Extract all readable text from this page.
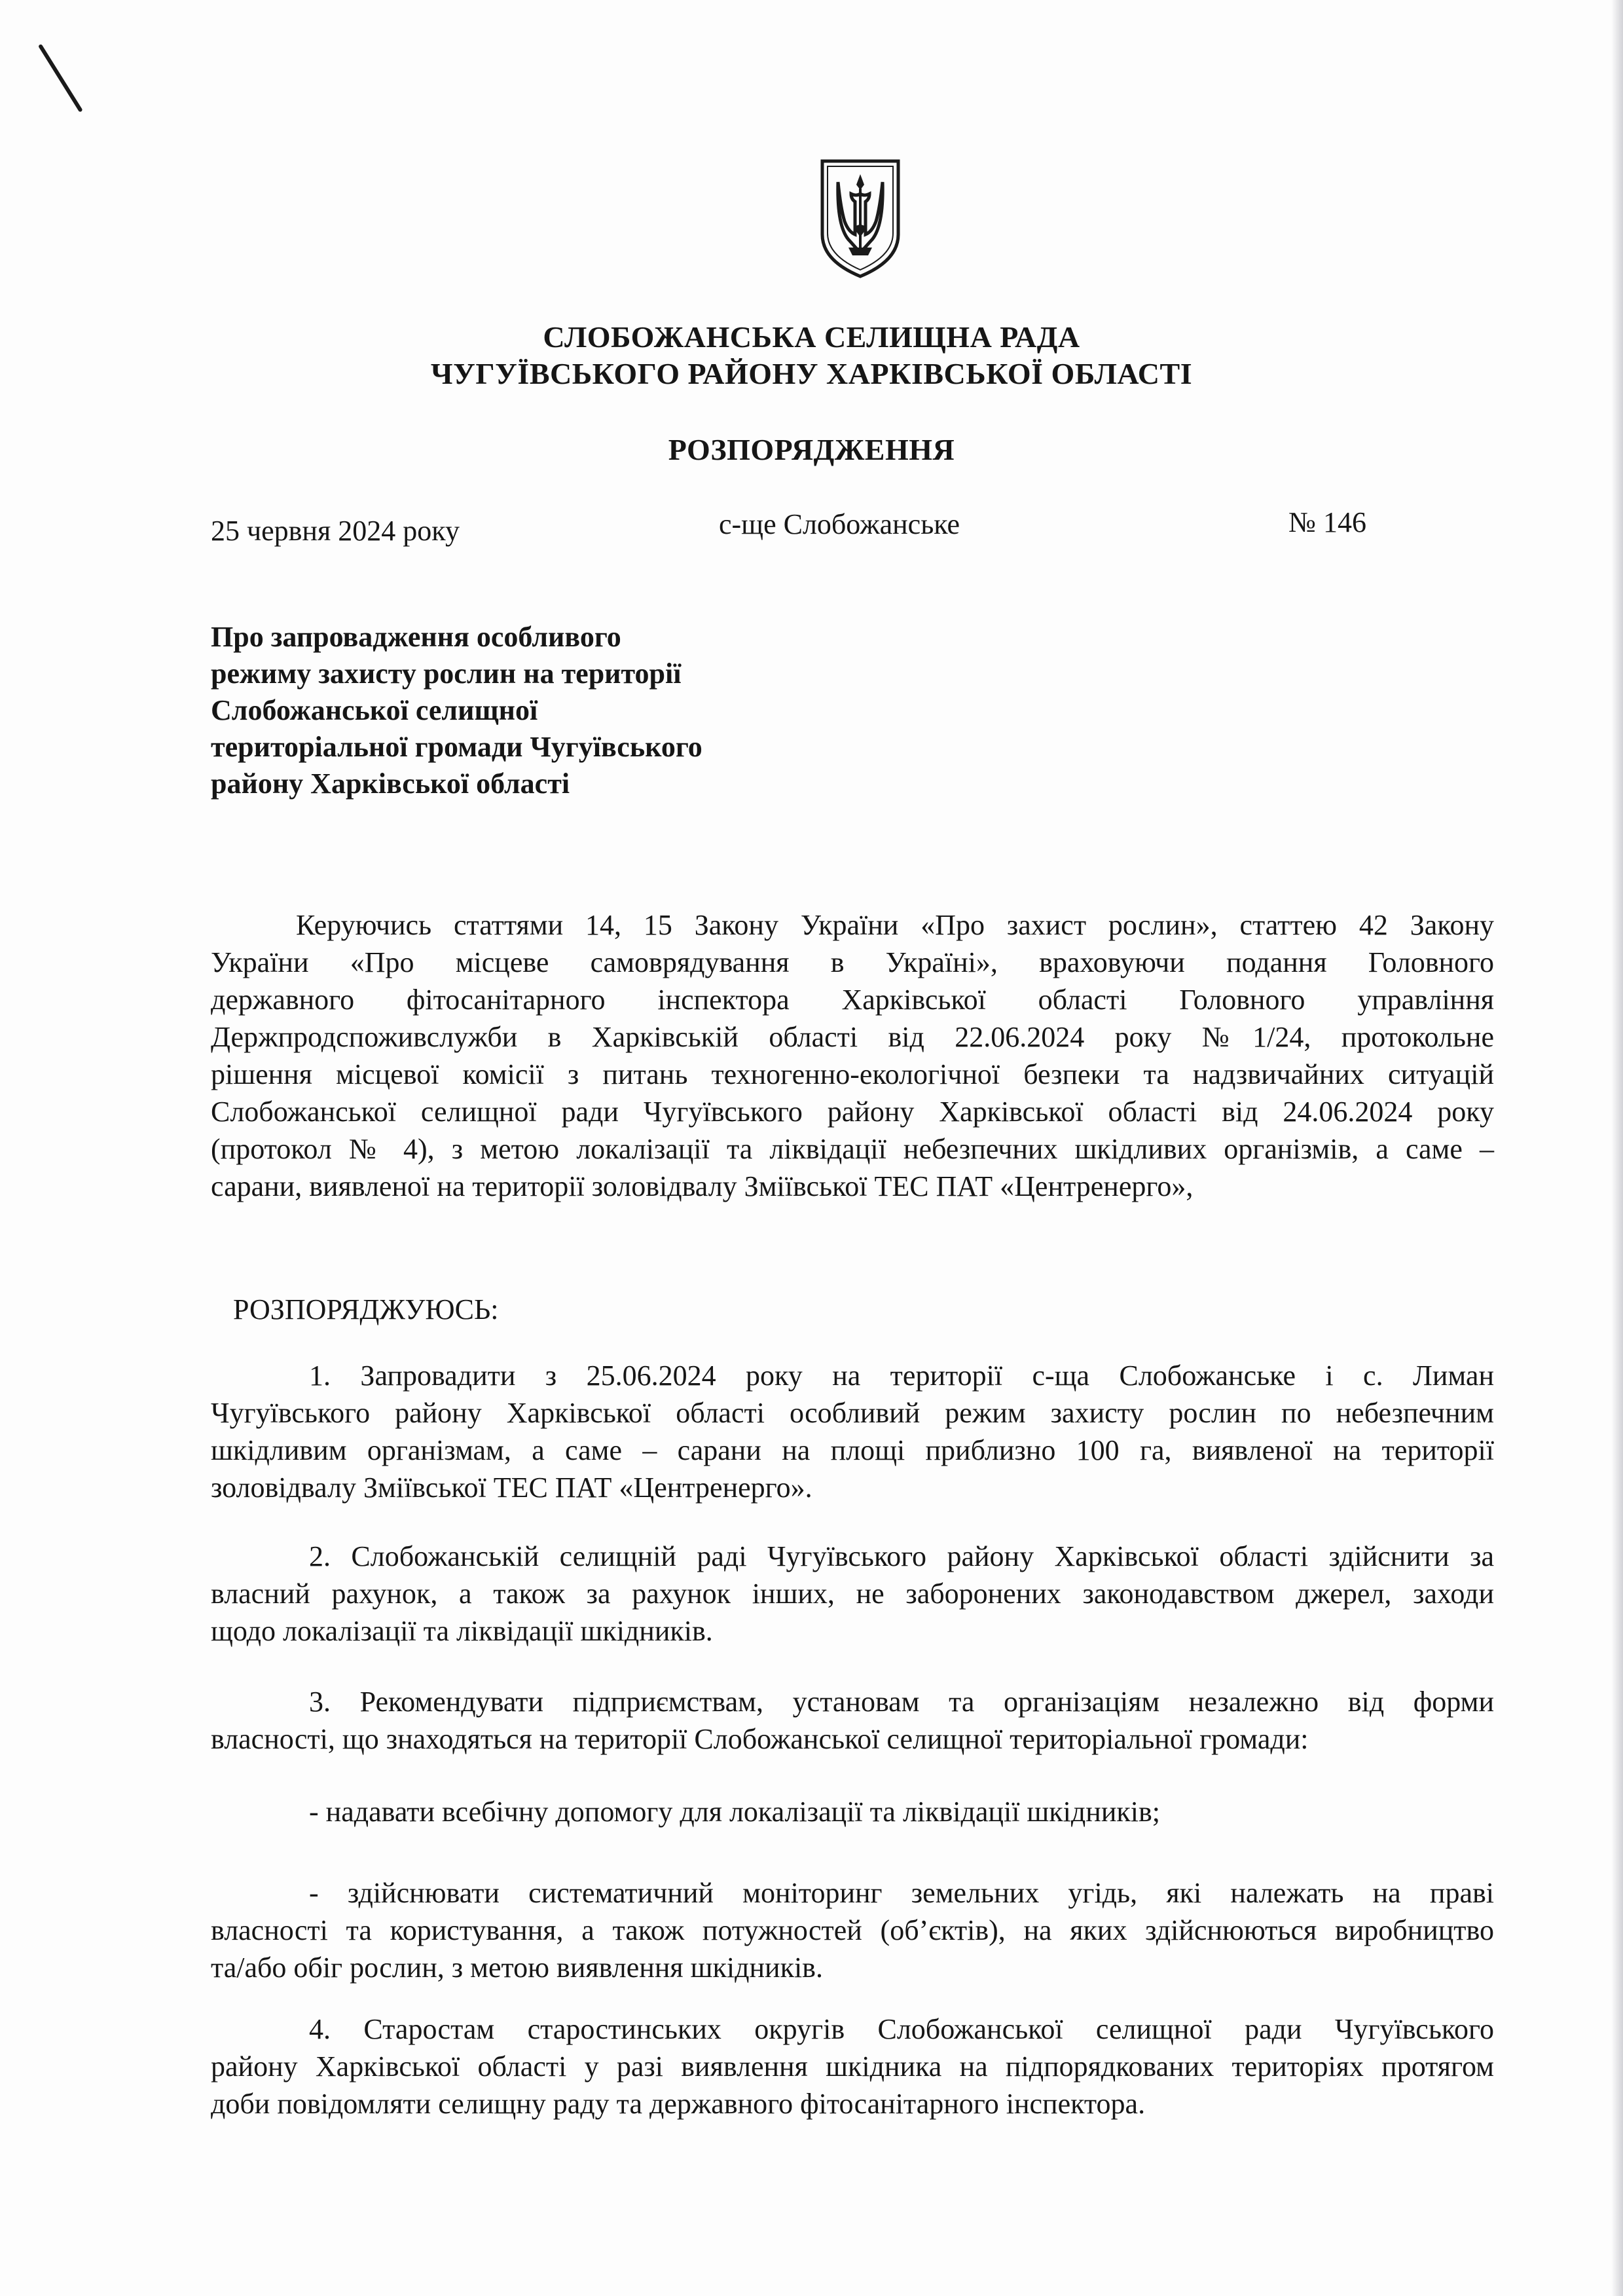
СЛОБОЖАНСЬКА СЕЛИЩНА РАДА
ЧУГУЇВСЬКОГО РАЙОНУ ХАРКІВСЬКОЇ ОБЛАСТІ
РОЗПОРЯДЖЕННЯ
25 червня 2024 року	с-ще Слобожанське	№ 146
Про запровадження особливого
режиму захисту рослин на території
Слобожанської селищної
територіальної громади Чугуївського
району Харківської області
Керуючись статтями 14, 15 Закону України «Про захист рослин», статтею 42 Закону
України «Про місцеве самоврядування в Україні», враховуючи подання Головного
державного фітосанітарного інспектора Харківської області Головного управління
Держпродспоживслужби в Харківській області від 22.06.2024 року №1/24, протокольне
рішення місцевої комісії з питань техногенно-екологічної безпеки та надзвичайних ситуацій
Слобожанської селищної ради Чугуївського району Харківської області від 24.06.2024 року
(протокол № 4), з метою локалізації та ліквідації небезпечних шкідливих організмів, а саме –
сарани, виявленої на території золовідвалу Зміївської ТЕС ПАТ «Центренерго»,
РОЗПОРЯДЖУЮСЬ:
1. Запровадити з 25.06.2024 року на території с-ща Слобожанське і с. Лиман
Чугуївського району Харківської області особливий режим захисту рослин по небезпечним
шкідливим організмам, а саме – сарани на площі приблизно 100 га, виявленої на території
золовідвалу Зміївської ТЕС ПАТ «Центренерго».
2. Слобожанській селищній раді Чугуївського району Харківської області здійснити за
власний рахунок, а також за рахунок інших, не заборонених законодавством джерел, заходи
щодо локалізації та ліквідації шкідників.
3. Рекомендувати підприємствам, установам та організаціям незалежно від форми
власності, що знаходяться на території Слобожанської селищної територіальної громади:
- надавати всебічну допомогу для локалізації та ліквідації шкідників;
- здійснювати систематичний моніторинг земельних угідь, які належать на праві
власності та користування, а також потужностей (об’єктів), на яких здійснюються виробництво
та/або обіг рослин, з метою виявлення шкідників.
4. Старостам старостинських округів Слобожанської селищної ради Чугуївського
району Харківської області у разі виявлення шкідника на підпорядкованих територіях протягом
доби повідомляти селищну раду та державного фітосанітарного інспектора.
